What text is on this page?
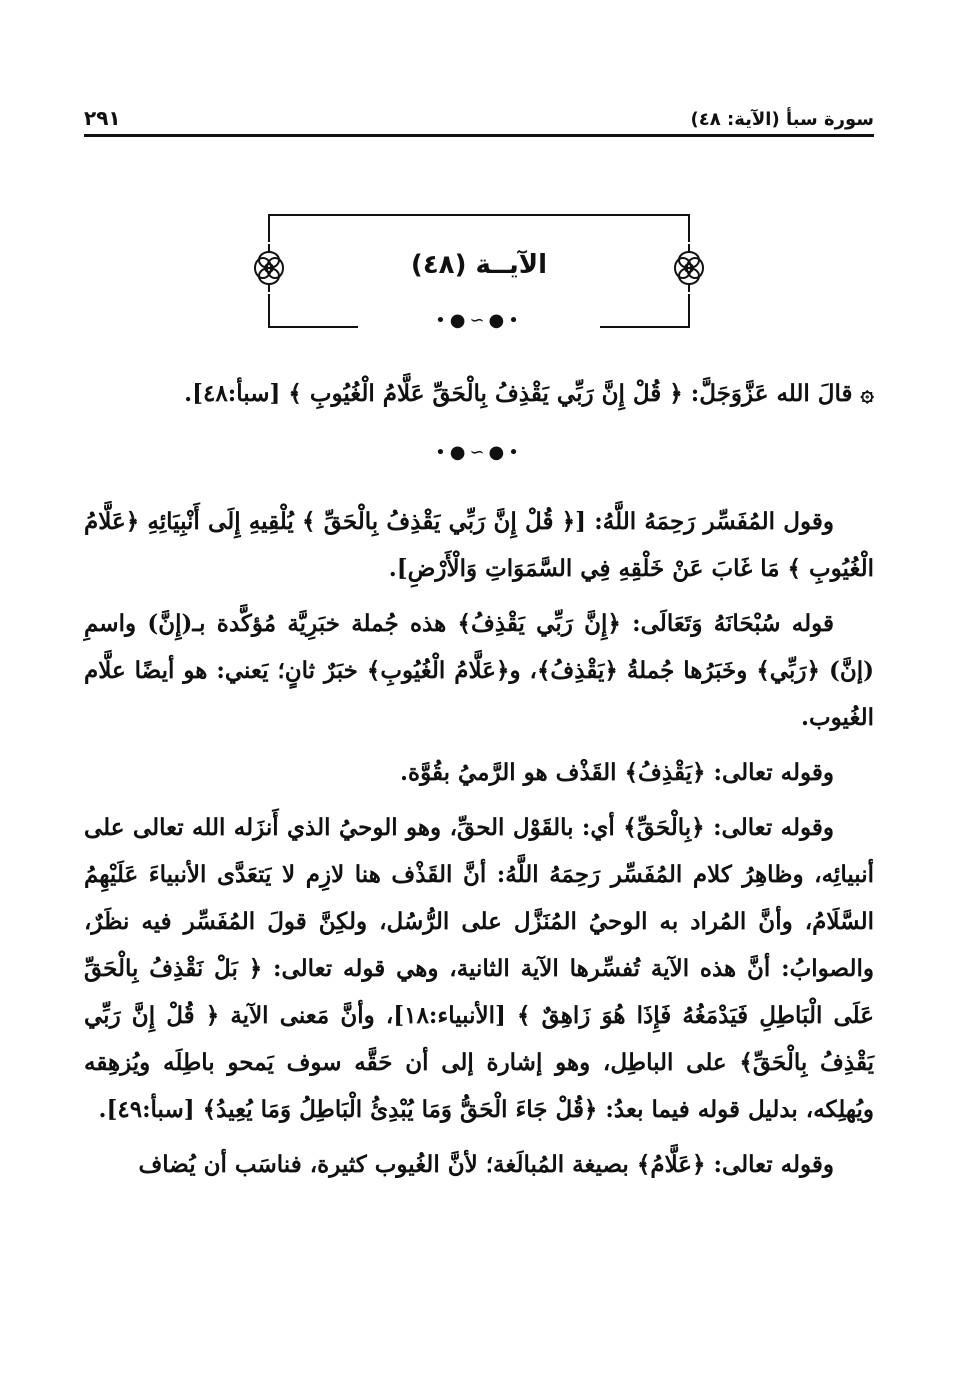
٢٩١	سورة سبأ (الآية: ٤٨)
الآيــة (٤٨)
•●∽●•
۞ قالَ الله عَزَّوَجَلَّ: ﴿ قُلْ إِنَّ رَبِّي يَقْذِفُ بِالْحَقِّ عَلَّامُ الْغُيُوبِ ﴾ [سبأ:٤٨].
•●∽●•

وقول المُفَسِّر رَحِمَهُ اللَّهُ: [﴿ قُلْ إِنَّ رَبِّي يَقْذِفُ بِالْحَقِّ ﴾ يُلْقِيهِ إِلَى أَنْبِيَائِهِ ﴿عَلَّامُ الْغُيُوبِ ﴾ مَا غَابَ عَنْ خَلْقِهِ فِي السَّمَوَاتِ وَالْأَرْضِ].

قوله سُبْحَانَهُ وَتَعَالَى: ﴿إِنَّ رَبِّي يَقْذِفُ﴾ هذه جُملة خبَرِيَّة مُؤكَّدة بـ(إِنَّ) واسمِ (إنَّ) ﴿رَبِّي﴾ وخَبَرُها جُملةُ ﴿يَقْذِفُ﴾، و﴿عَلَّامُ الْغُيُوبِ﴾ خبَرٌ ثانٍ؛ يَعني: هو أيضًا علَّام الغُيوب.

وقوله تعالى: ﴿يَقْذِفُ﴾ القَذْف هو الرَّميُ بقُوَّة.

وقوله تعالى: ﴿بِالْحَقِّ﴾ أي: بالقَوْل الحقِّ، وهو الوحيُ الذي أَنزَله الله تعالى على أنبيائِه، وظاهِرُ كلام المُفَسِّر رَحِمَهُ اللَّهُ: أنَّ القَذْف هنا لازِم لا يَتعَدَّى الأنبياءَ عَلَيْهِمُ السَّلَامُ، وأنَّ المُراد به الوحيُ المُنَزَّل على الرُّسُل، ولكِنَّ قولَ المُفَسِّر فيه نظَرٌ، والصوابُ: أنَّ هذه الآية تُفسِّرها الآية الثانية، وهي قوله تعالى: ﴿ بَلْ نَقْذِفُ بِالْحَقِّ عَلَى الْبَاطِلِ فَيَدْمَغُهُ فَإِذَا هُوَ زَاهِقٌ ﴾ [الأنبياء:١٨]، وأنَّ مَعنى الآية ﴿ قُلْ إِنَّ رَبِّي يَقْذِفُ بِالْحَقِّ﴾ على الباطِل، وهو إشارة إلى أن حَقَّه سوف يَمحو باطِلَه ويُزهِقه ويُهلِكه، بدليل قوله فيما بعدُ: ﴿قُلْ جَاءَ الْحَقُّ وَمَا يُبْدِئُ الْبَاطِلُ وَمَا يُعِيدُ﴾ [سبأ:٤٩].

وقوله تعالى: ﴿عَلَّامُ﴾ بصيغة المُبالَغة؛ لأنَّ الغُيوب كثيرة، فناسَب أن يُضاف
